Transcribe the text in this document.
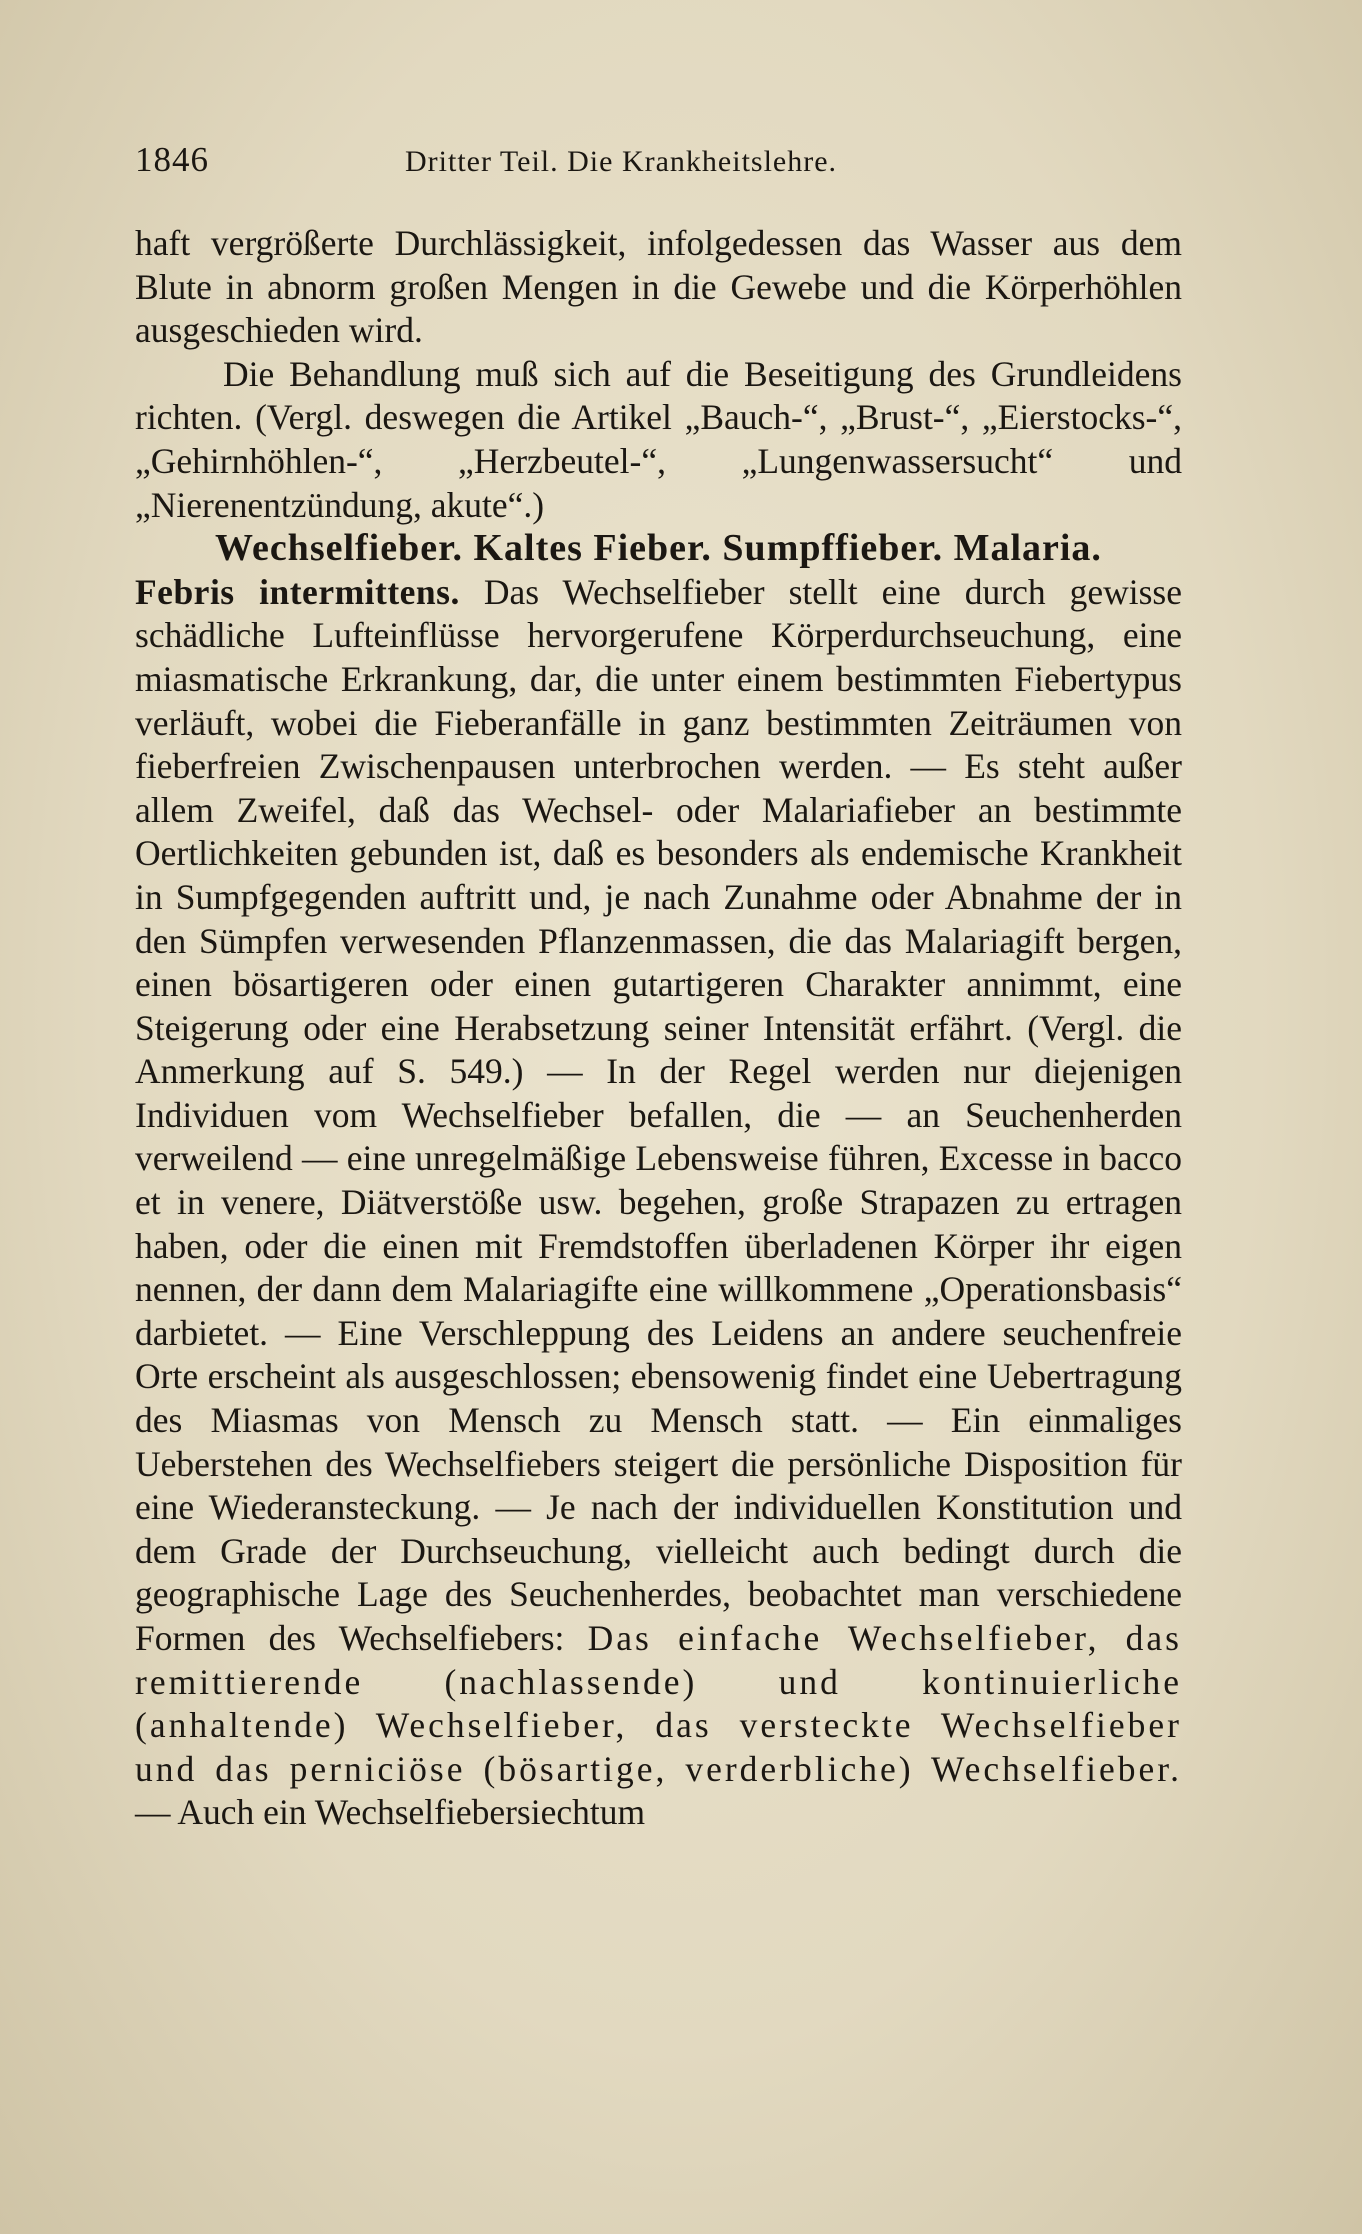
1846	Dritter Teil. Die Krankheitslehre.

haft vergrößerte Durchlässigkeit, infolgedessen das Wasser aus dem Blute in abnorm großen Mengen in die Gewebe und die Körperhöhlen ausgeschieden wird.

Die Behandlung muß sich auf die Beseitigung des Grundleidens richten. (Vergl. deswegen die Artikel „Bauch-“, „Brust-“, „Eierstocks-“, „Gehirnhöhlen-“, „Herzbeutel-“, „Lungenwassersucht“ und „Nierenentzündung, akute“.)

Wechselfieber. Kaltes Fieber. Sumpffieber. Malaria.

Febris intermittens. Das Wechselfieber stellt eine durch gewisse schädliche Lufteinflüsse hervorgerufene Körperdurchseuchung, eine miasmatische Erkrankung, dar, die unter einem bestimmten Fiebertypus verläuft, wobei die Fieberanfälle in ganz bestimmten Zeiträumen von fieberfreien Zwischenpausen unterbrochen werden. — Es steht außer allem Zweifel, daß das Wechsel- oder Malariafieber an bestimmte Oertlichkeiten gebunden ist, daß es besonders als endemische Krankheit in Sumpfgegenden auftritt und, je nach Zunahme oder Abnahme der in den Sümpfen verwesenden Pflanzenmassen, die das Malariagift bergen, einen bösartigeren oder einen gutartigeren Charakter annimmt, eine Steigerung oder eine Herabsetzung seiner Intensität erfährt. (Vergl. die Anmerkung auf S. 549.) — In der Regel werden nur diejenigen Individuen vom Wechselfieber befallen, die — an Seuchenherden verweilend — eine unregelmäßige Lebensweise führen, Excesse in bacco et in venere, Diätverstöße usw. begehen, große Strapazen zu ertragen haben, oder die einen mit Fremdstoffen überladenen Körper ihr eigen nennen, der dann dem Malariagifte eine willkommene „Operationsbasis“ darbietet. — Eine Verschleppung des Leidens an andere seuchenfreie Orte erscheint als ausgeschlossen; ebensowenig findet eine Uebertragung des Miasmas von Mensch zu Mensch statt. — Ein einmaliges Ueberstehen des Wechselfiebers steigert die persönliche Disposition für eine Wiederansteckung. — Je nach der individuellen Konstitution und dem Grade der Durchseuchung, vielleicht auch bedingt durch die geographische Lage des Seuchenherdes, beobachtet man verschiedene Formen des Wechselfiebers: Das einfache Wechselfieber, das remittierende (nachlassende) und kontinuierliche (anhaltende) Wechselfieber, das versteckte Wechselfieber und das perniciöse (bösartige, verderbliche) Wechselfieber. — Auch ein Wechselfiebersiechtum
